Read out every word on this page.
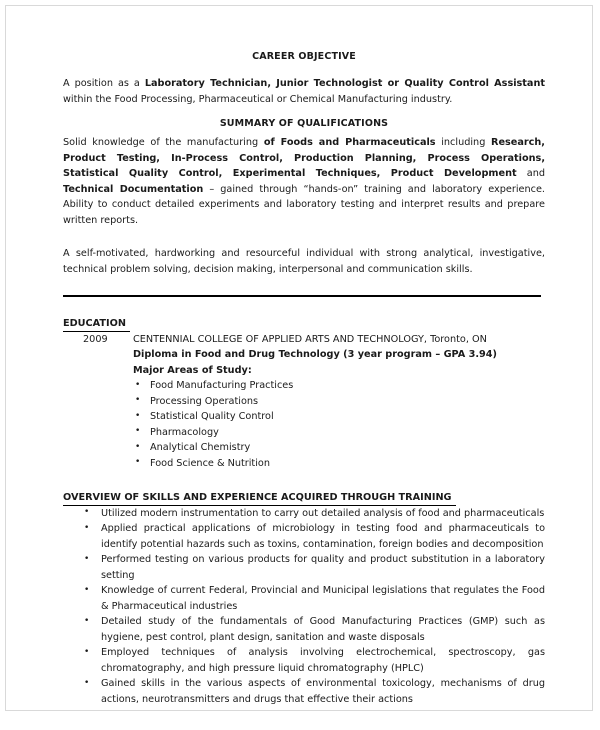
CAREER OBJECTIVE

A position as a Laboratory Technician, Junior Technologist or Quality Control Assistant within the Food Processing, Pharmaceutical or Chemical Manufacturing industry.

SUMMARY OF QUALIFICATIONS

Solid knowledge of the manufacturing of Foods and Pharmaceuticals including Research, Product Testing, In-Process Control, Production Planning, Process Operations, Statistical Quality Control, Experimental Techniques, Product Development and Technical Documentation – gained through “hands-on” training and laboratory experience. Ability to conduct detailed experiments and laboratory testing and interpret results and prepare written reports.

A self-motivated, hardworking and resourceful individual with strong analytical, investigative, technical problem solving, decision making, interpersonal and communication skills.

EDUCATION
2009	CENTENNIAL COLLEGE OF APPLIED ARTS AND TECHNOLOGY, Toronto, ON
Diploma in Food and Drug Technology (3 year program – GPA 3.94)
Major Areas of Study:
• Food Manufacturing Practices
• Processing Operations
• Statistical Quality Control
• Pharmacology
• Analytical Chemistry
• Food Science & Nutrition
OVERVIEW OF SKILLS AND EXPERIENCE ACQUIRED THROUGH TRAINING
• Utilized modern instrumentation to carry out detailed analysis of food and pharmaceuticals
• Applied practical applications of microbiology in testing food and pharmaceuticals to identify potential hazards such as toxins, contamination, foreign bodies and decomposition
• Performed testing on various products for quality and product substitution in a laboratory setting
• Knowledge of current Federal, Provincial and Municipal legislations that regulates the Food & Pharmaceutical industries
• Detailed study of the fundamentals of Good Manufacturing Practices (GMP) such as hygiene, pest control, plant design, sanitation and waste disposals
• Employed techniques of analysis involving electrochemical, spectroscopy, gas chromatography, and high pressure liquid chromatography (HPLC)
• Gained skills in the various aspects of environmental toxicology, mechanisms of drug actions, neurotransmitters and drugs that effective their actions
